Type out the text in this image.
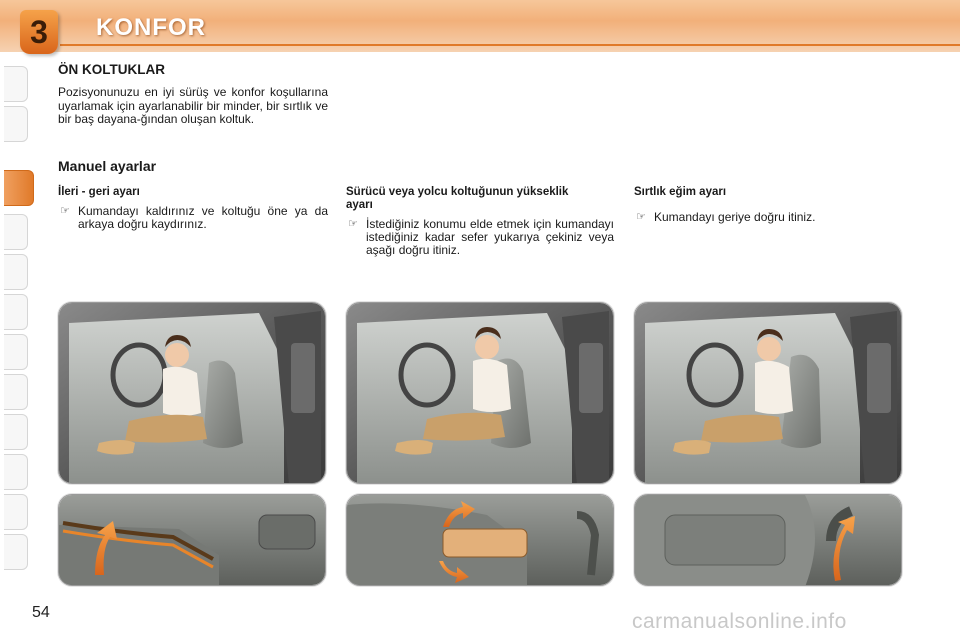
3	KONFOR
ÖN KOLTUKLAR
Pozisyonunuzu en iyi sürüş ve konfor koşullarına uyarlamak için ayarlanabilir bir minder, bir sırtlık ve bir baş dayana-ğından oluşan koltuk.
Manuel ayarlar
İleri - geri ayarı
☞ Kumandayı kaldırınız ve koltuğu öne ya da arkaya doğru kaydırınız.
Sürücü veya yolcu koltuğunun yükseklik ayarı
☞ İstediğiniz konumu elde etmek için kumandayı istediğiniz kadar sefer yukarıya çekiniz veya aşağı doğru itiniz.
Sırtlık eğim ayarı
☞ Kumandayı geriye doğru itiniz.
54	carmanualsonline.info
